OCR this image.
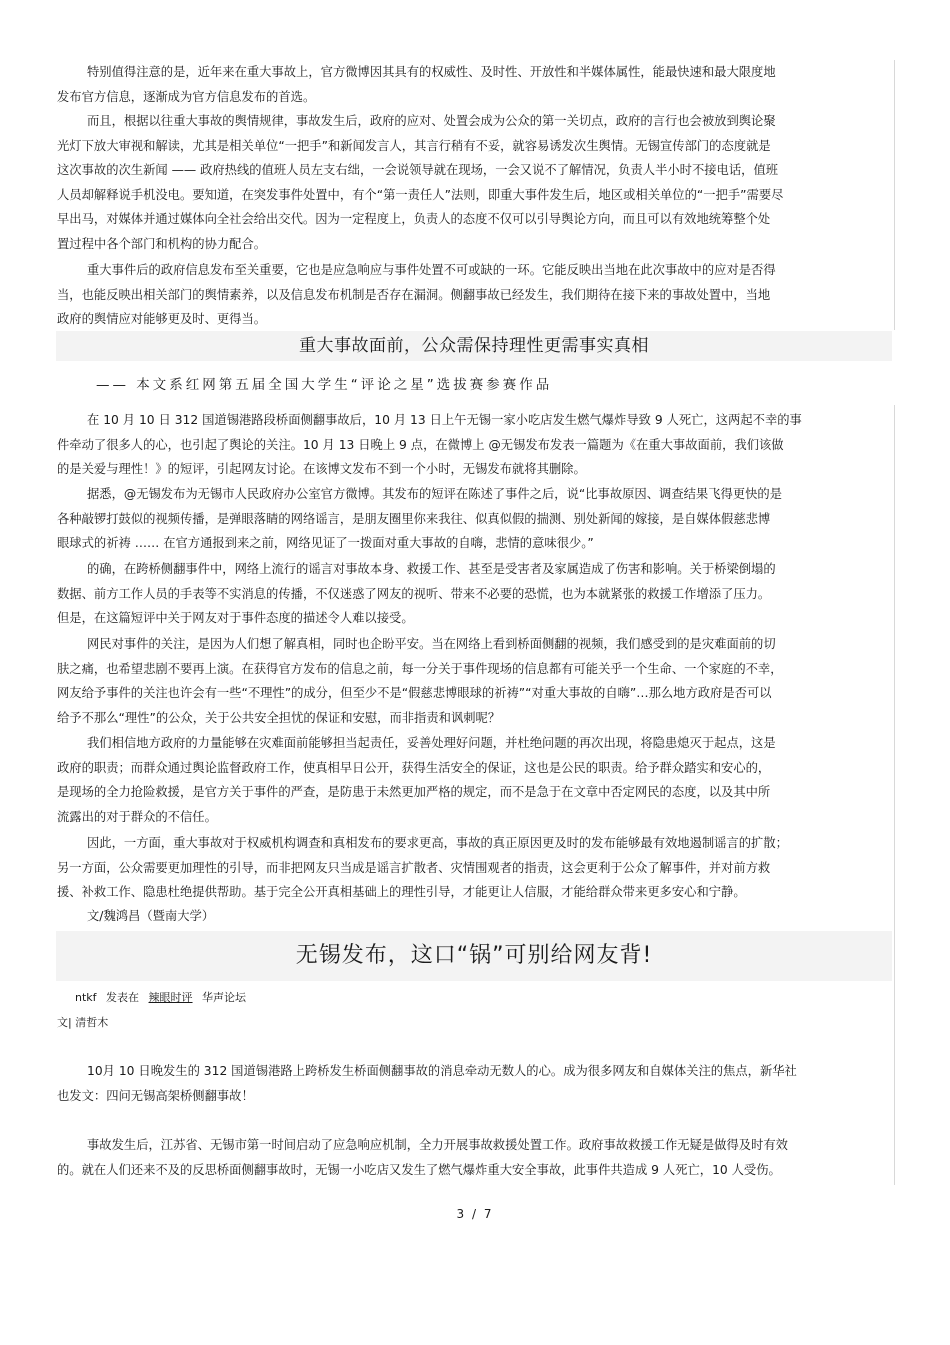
特别值得注意的是，近年来在重大事故上，官方微博因其具有的权威性、及时性、开放性和半媒体属性，能最快速和最大限度地
发布官方信息，逐渐成为官方信息发布的首选。
而且，根据以往重大事故的舆情规律，事故发生后，政府的应对、处置会成为公众的第一关切点，政府的言行也会被放到舆论聚
光灯下放大审视和解读，尤其是相关单位“一把手”和新闻发言人，其言行稍有不妥，就容易诱发次生舆情。无锡宣传部门的态度就是
这次事故的次生新闻 —— 政府热线的值班人员左支右绌，一会说领导就在现场，一会又说不了解情况，负责人半小时不接电话，值班
人员却解释说手机没电。要知道，在突发事件处置中，有个“第一责任人”法则，即重大事件发生后，地区或相关单位的“一把手”需要尽
早出马，对媒体并通过媒体向全社会给出交代。因为一定程度上，负责人的态度不仅可以引导舆论方向，而且可以有效地统筹整个处
置过程中各个部门和机构的协力配合。
重大事件后的政府信息发布至关重要，它也是应急响应与事件处置不可或缺的一环。它能反映出当地在此次事故中的应对是否得
当，也能反映出相关部门的舆情素养，以及信息发布机制是否存在漏洞。侧翻事故已经发生，我们期待在接下来的事故处置中，当地
政府的舆情应对能够更及时、更得当。
重大事故面前，公众需保持理性更需事实真相
—— 本文系红网第五届全国大学生“评论之星”选拔赛参赛作品
在 10 月 10 日 312 国道锡港路段桥面侧翻事故后，10 月 13 日上午无锡一家小吃店发生燃气爆炸导致 9 人死亡，这两起不幸的事
件牵动了很多人的心，也引起了舆论的关注。10 月 13 日晚上 9 点，在微博上 @无锡发布发表一篇题为《在重大事故面前，我们该做
的是关爱与理性！》的短评，引起网友讨论。在该博文发布不到一个小时，无锡发布就将其删除。
据悉，@无锡发布为无锡市人民政府办公室官方微博。其发布的短评在陈述了事件之后，说“比事故原因、调查结果飞得更快的是
各种敲锣打鼓似的视频传播，是弹眼落睛的网络谣言，是朋友圈里你来我往、似真似假的揣测、别处新闻的嫁接，是自媒体假慈悲博
眼球式的祈祷 …… 在官方通报到来之前，网络见证了一拨面对重大事故的自嗨，悲情的意味很少。”
的确，在跨桥侧翻事件中，网络上流行的谣言对事故本身、救援工作、甚至是受害者及家属造成了伤害和影响。关于桥梁倒塌的
数据、前方工作人员的手表等不实消息的传播，不仅迷惑了网友的视听、带来不必要的恐慌，也为本就紧张的救援工作增添了压力。
但是，在这篇短评中关于网友对于事件态度的描述令人难以接受。
网民对事件的关注，是因为人们想了解真相，同时也企盼平安。当在网络上看到桥面侧翻的视频，我们感受到的是灾难面前的切
肤之痛，也希望悲剧不要再上演。在获得官方发布的信息之前，每一分关于事件现场的信息都有可能关乎一个生命、一个家庭的不幸，
网友给予事件的关注也许会有一些“不理性”的成分，但至少不是“假慈悲博眼球的祈祷”“对重大事故的自嗨”…那么地方政府是否可以
给予不那么“理性”的公众，关于公共安全担忧的保证和安慰，而非指责和讽刺呢？
我们相信地方政府的力量能够在灾难面前能够担当起责任，妥善处理好问题，并杜绝问题的再次出现，将隐患熄灭于起点，这是
政府的职责；而群众通过舆论监督政府工作，使真相早日公开，获得生活安全的保证，这也是公民的职责。给予群众踏实和安心的，
是现场的全力抢险救援，是官方关于事件的严查，是防患于未然更加严格的规定，而不是急于在文章中否定网民的态度，以及其中所
流露出的对于群众的不信任。
因此，一方面，重大事故对于权威机构调查和真相发布的要求更高，事故的真正原因更及时的发布能够最有效地遏制谣言的扩散；
另一方面，公众需要更加理性的引导，而非把网友只当成是谣言扩散者、灾情围观者的指责，这会更利于公众了解事件，并对前方救
援、补救工作、隐患杜绝提供帮助。基于完全公开真相基础上的理性引导，才能更让人信服，才能给群众带来更多安心和宁静。
文/魏鸿昌（暨南大学）
无锡发布，这口“锅”可别给网友背!
ntkf 发表在 辣眼时评 华声论坛
文| 清哲木
10月 10 日晚发生的 312 国道锡港路上跨桥发生桥面侧翻事故的消息牵动无数人的心。成为很多网友和自媒体关注的焦点，新华社
也发文：四问无锡高架桥侧翻事故！
事故发生后，江苏省、无锡市第一时间启动了应急响应机制，全力开展事故救援处置工作。政府事故救援工作无疑是做得及时有效
的。就在人们还来不及的反思桥面侧翻事故时，无锡一小吃店又发生了燃气爆炸重大安全事故，此事件共造成 9 人死亡，10 人受伤。
3 / 7
